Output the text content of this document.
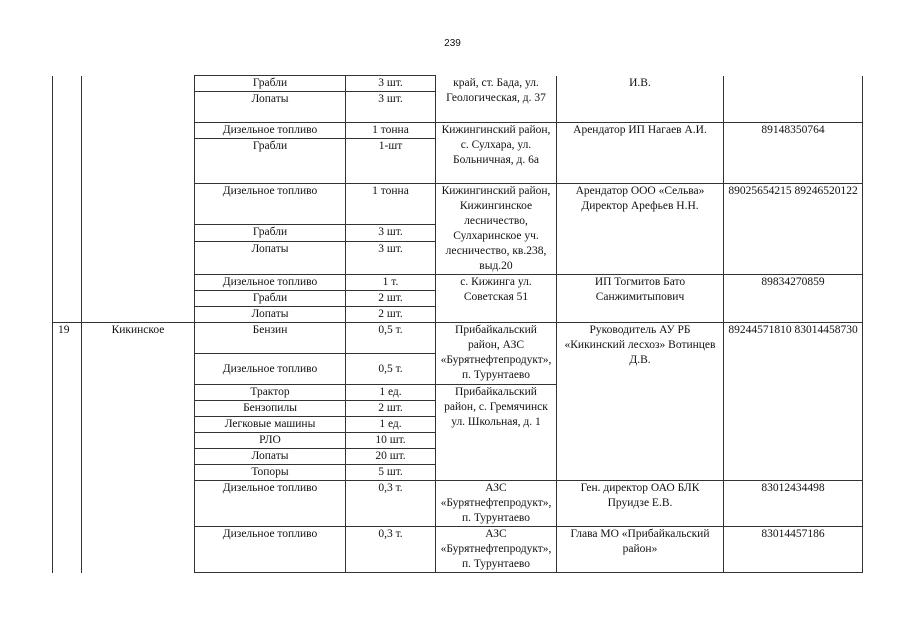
239
		Грабли	3 шт.	край, ст. Бада, ул. Геологическая, д. 37	И.В.	
		Лопаты	3 шт.			
		Дизельное топливо	1 тонна	Кижингинский район, с. Сулхара, ул. Больничная, д. 6а	Арендатор ИП Нагаев А.И.	89148350764
		Грабли	1-шт			
		Дизельное топливо	1 тонна	Кижингинский район, Кижингинское лесничество, Сулхаринское уч. лесничество, кв.238, выд.20	Арендатор ООО «Сельва» Директор Арефьев Н.Н.	89025654215 89246520122
		Грабли	3 шт.			
		Лопаты	3 шт.			
		Дизельное топливо	1 т.	с. Кижинга ул. Советская 51	ИП Тогмитов Бато Санжимитыпович	89834270859
		Грабли	2 шт.			
		Лопаты	2 шт.			
19	Кикинское	Бензин	0,5 т.	Прибайкальский район, АЗС «Бурятнефтепродукт», п. Турунтаево	Руководитель АУ РБ «Кикинский лесхоз» Вотинцев Д.В.	89244571810 83014458730
		Дизельное топливо	0,5 т.			
		Трактор	1 ед.	Прибайкальский район, с. Гремячинск ул. Школьная, д. 1		
		Бензопилы	2 шт.			
		Легковые машины	1 ед.			
		РЛО	10 шт.			
		Лопаты	20 шт.			
		Топоры	5 шт.			
		Дизельное топливо	0,3 т.	АЗС «Бурятнефтепродукт», п. Турунтаево	Ген. директор ОАО БЛК Пруидзе Е.В.	83012434498
		Дизельное топливо	0,3 т.	АЗС «Бурятнефтепродукт», п. Турунтаево	Глава МО «Прибайкальский район»	83014457186
